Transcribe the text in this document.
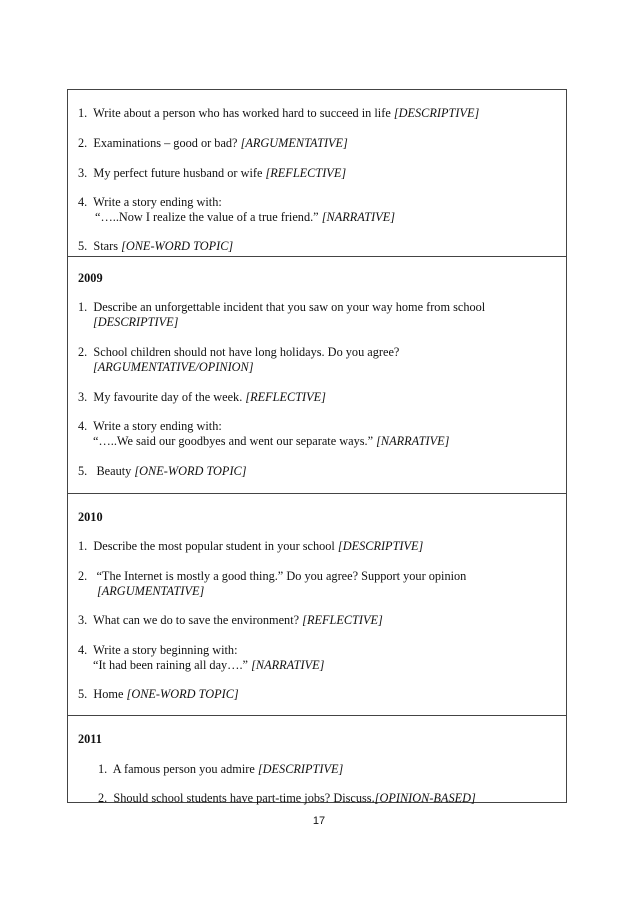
1. Write about a person who has worked hard to succeed in life [DESCRIPTIVE]
2. Examinations – good or bad? [ARGUMENTATIVE]
3. My perfect future husband or wife [REFLECTIVE]
4. Write a story ending with:
“…..Now I realize the value of a true friend.” [NARRATIVE]
5. Stars [ONE-WORD TOPIC]
2009
1. Describe an unforgettable incident that you saw on your way home from school
[DESCRIPTIVE]
2. School children should not have long holidays. Do you agree?
[ARGUMENTATIVE/OPINION]
3. My favourite day of the week. [REFLECTIVE]
4. Write a story ending with:
“…..We said our goodbyes and went our separate ways.” [NARRATIVE]
5. Beauty [ONE-WORD TOPIC]
2010
1. Describe the most popular student in your school [DESCRIPTIVE]
2. “The Internet is mostly a good thing.” Do you agree? Support your opinion
[ARGUMENTATIVE]
3. What can we do to save the environment? [REFLECTIVE]
4. Write a story beginning with:
“It had been raining all day….” [NARRATIVE]
5. Home [ONE-WORD TOPIC]
2011
1. A famous person you admire [DESCRIPTIVE]
2. Should school students have part-time jobs? Discuss.[OPINION-BASED]
17
